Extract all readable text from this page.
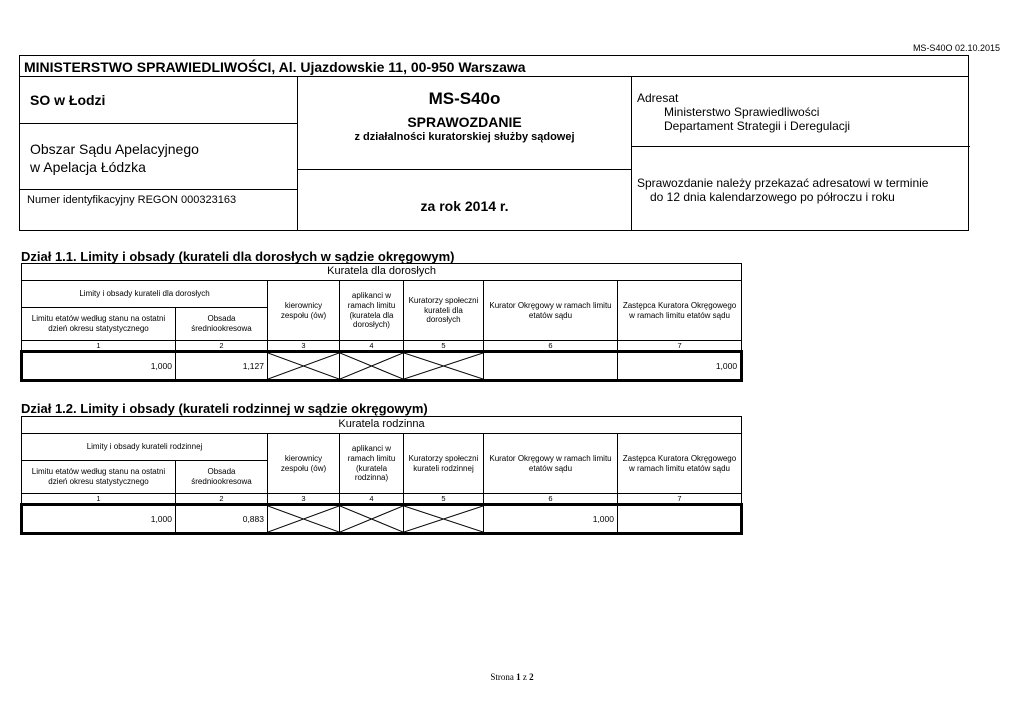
MS-S40O 02.10.2015
MINISTERSTWO SPRAWIEDLIWOŚCI, Al. Ujazdowskie 11, 00-950 Warszawa
SO w Łodzi
Obszar Sądu Apelacyjnego
w Apelacja Łódzka
Numer identyfikacyjny REGON 000323163
MS-S40o
SPRAWOZDANIE
z działalności kuratorskiej służby sądowej
za rok 2014 r.
Adresat
Ministerstwo Sprawiedliwości
Departament Strategii i Deregulacji
Sprawozdanie należy przekazać adresatowi w terminie
do 12 dnia kalendarzowego po półroczu i roku
Dział 1.1. Limity i obsady (kurateli dla dorosłych w sądzie okręgowym)
Kuratela dla dorosłych						
Limity i obsady kurateli dla dorosłych		kierownicy zespołu (ów)	aplikanci w ramach limitu (kuratela dla dorosłych)	Kuratorzy społeczni kurateli dla dorosłych	Kurator Okręgowy w ramach limitu etatów sądu	Zastępca Kuratora Okręgowego w ramach limitu etatów sądu
Limitu etatów według stanu na ostatni dzień okresu statystycznego	Obsada średniookresowa					
1	2	3	4	5	6	7
1,000	1,127					1,000
Dział 1.2. Limity i obsady (kurateli rodzinnej w sądzie okręgowym)
Kuratela rodzinna						
Limity i obsady kurateli rodzinnej		kierownicy zespołu (ów)	aplikanci w ramach limitu (kuratela rodzinna)	Kuratorzy społeczni kurateli rodzinnej	Kurator Okręgowy w ramach limitu etatów sądu	Zastępca Kuratora Okręgowego w ramach limitu etatów sądu
Limitu etatów według stanu na ostatni dzień okresu statystycznego	Obsada średniookresowa					
1	2	3	4	5	6	7
1,000	0,883				1,000	
Strona 1 z 2
